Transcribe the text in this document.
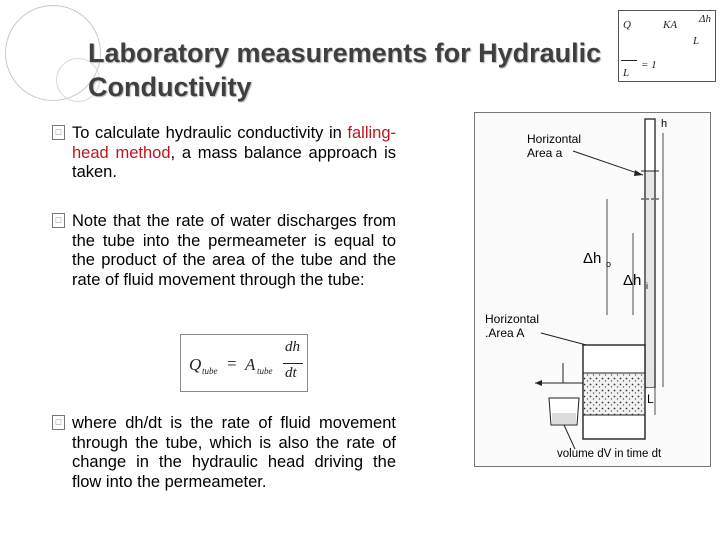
Laboratory measurements for Hydraulic Conductivity
Q	KA Δh
L
L
= 1
□ To calculate hydraulic conductivity in falling-head method, a mass balance approach is taken.

□ Note that the rate of water discharges from the tube into the permeameter is equal to the product of the area of the tube and the rate of fluid movement through the tube:

□ where dh/dt is the rate of fluid movement through the tube, which is also the rate of change in the hydraulic head driving the flow into the permeameter.

Q tube = A tube
dh
dt
h
Horizontal
Area a
Δh o
Δh i
Horizontal
.Area A
L
volume dV in time dt
